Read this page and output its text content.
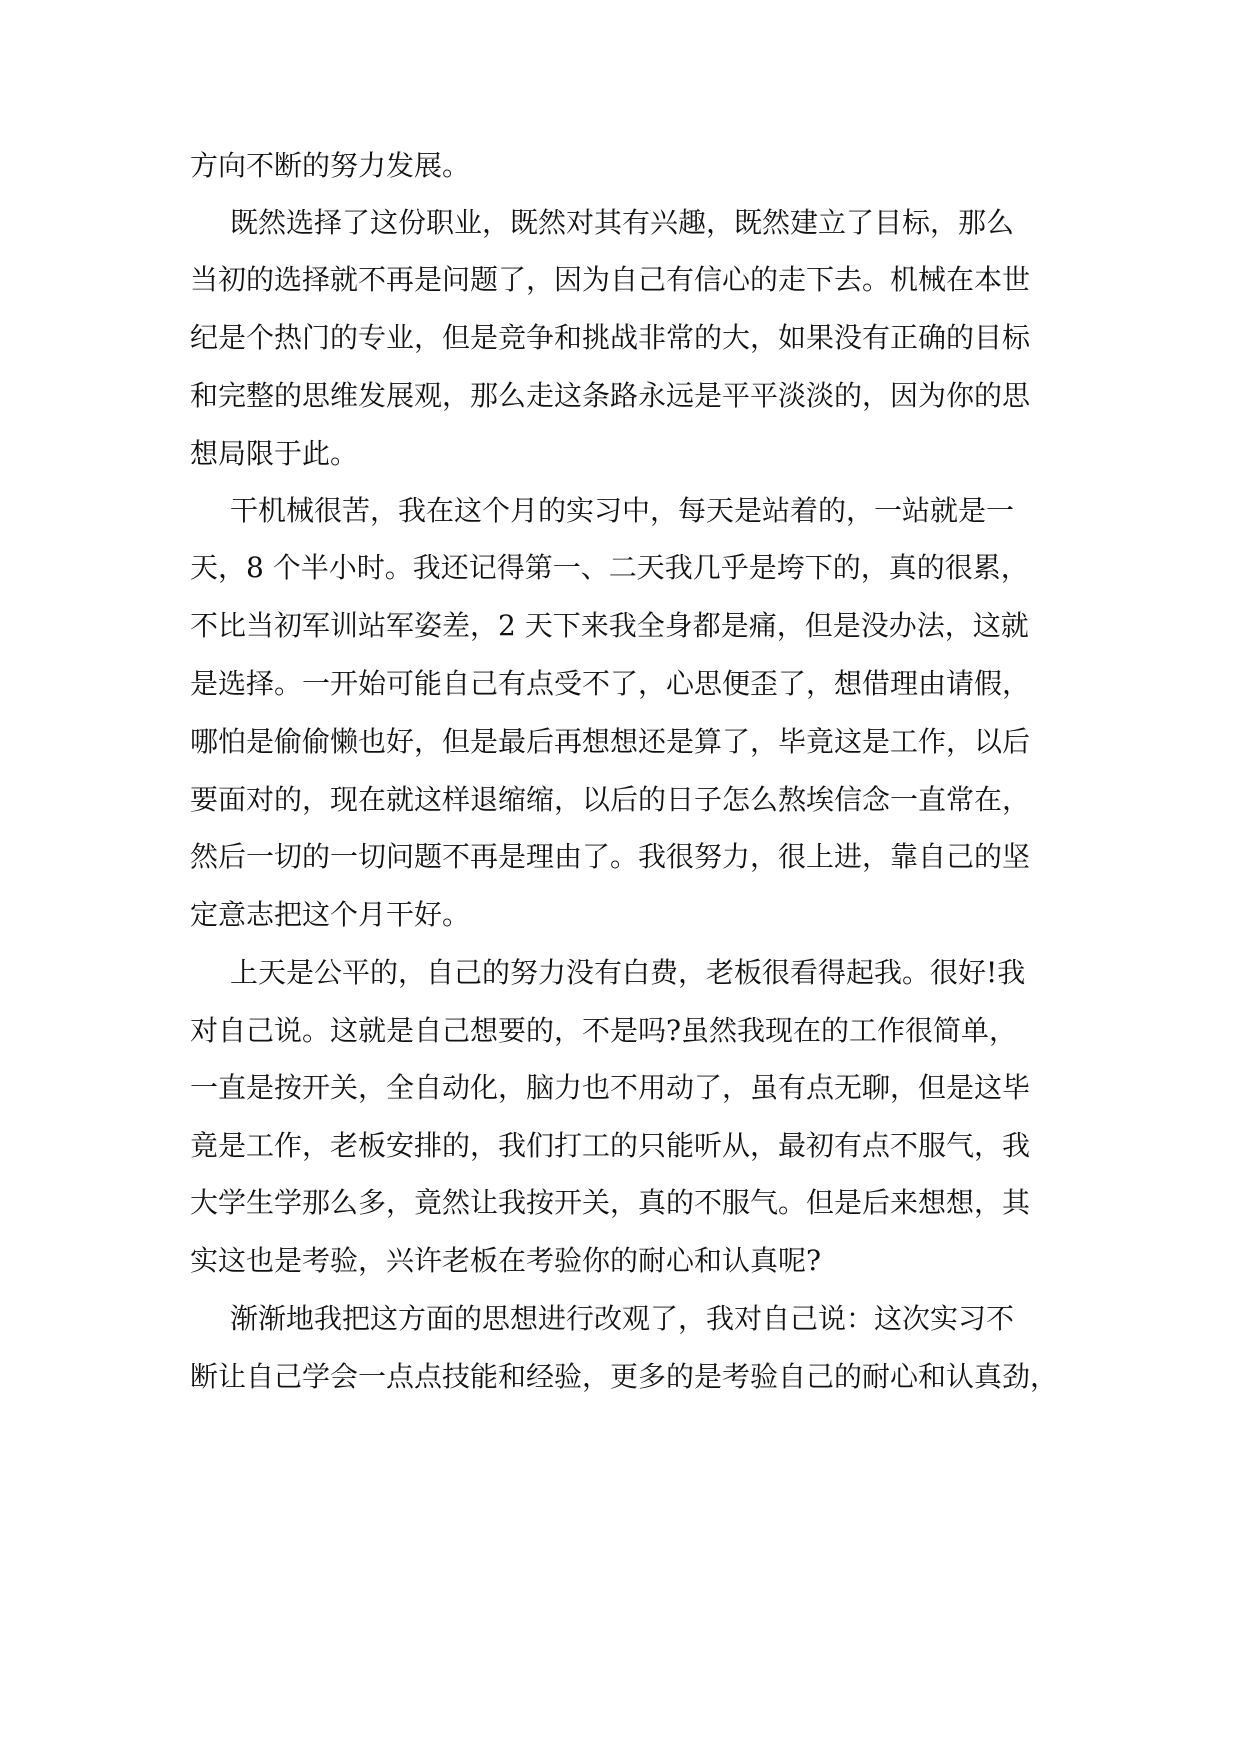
方向不断的努力发展。

既然选择了这份职业，既然对其有兴趣，既然建立了目标，那么

当初的选择就不再是问题了，因为自己有信心的走下去。机械在本世

纪是个热门的专业，但是竞争和挑战非常的大，如果没有正确的目标

和完整的思维发展观，那么走这条路永远是平平淡淡的，因为你的思

想局限于此。

干机械很苦，我在这个月的实习中，每天是站着的，一站就是一

天，8 个半小时。我还记得第一、二天我几乎是垮下的，真的很累，

不比当初军训站军姿差，2 天下来我全身都是痛，但是没办法，这就

是选择。一开始可能自己有点受不了，心思便歪了，想借理由请假，

哪怕是偷偷懒也好，但是最后再想想还是算了，毕竟这是工作，以后

要面对的，现在就这样退缩缩，以后的日子怎么熬埃信念一直常在，

然后一切的一切问题不再是理由了。我很努力，很上进，靠自己的坚

定意志把这个月干好。

上天是公平的，自己的努力没有白费，老板很看得起我。很好!我

对自己说。这就是自己想要的，不是吗?虽然我现在的工作很简单，

一直是按开关，全自动化，脑力也不用动了，虽有点无聊，但是这毕

竟是工作，老板安排的，我们打工的只能听从，最初有点不服气，我

大学生学那么多，竟然让我按开关，真的不服气。但是后来想想，其

实这也是考验，兴许老板在考验你的耐心和认真呢?

渐渐地我把这方面的思想进行改观了，我对自己说：这次实习不

断让自己学会一点点技能和经验，更多的是考验自己的耐心和认真劲，
